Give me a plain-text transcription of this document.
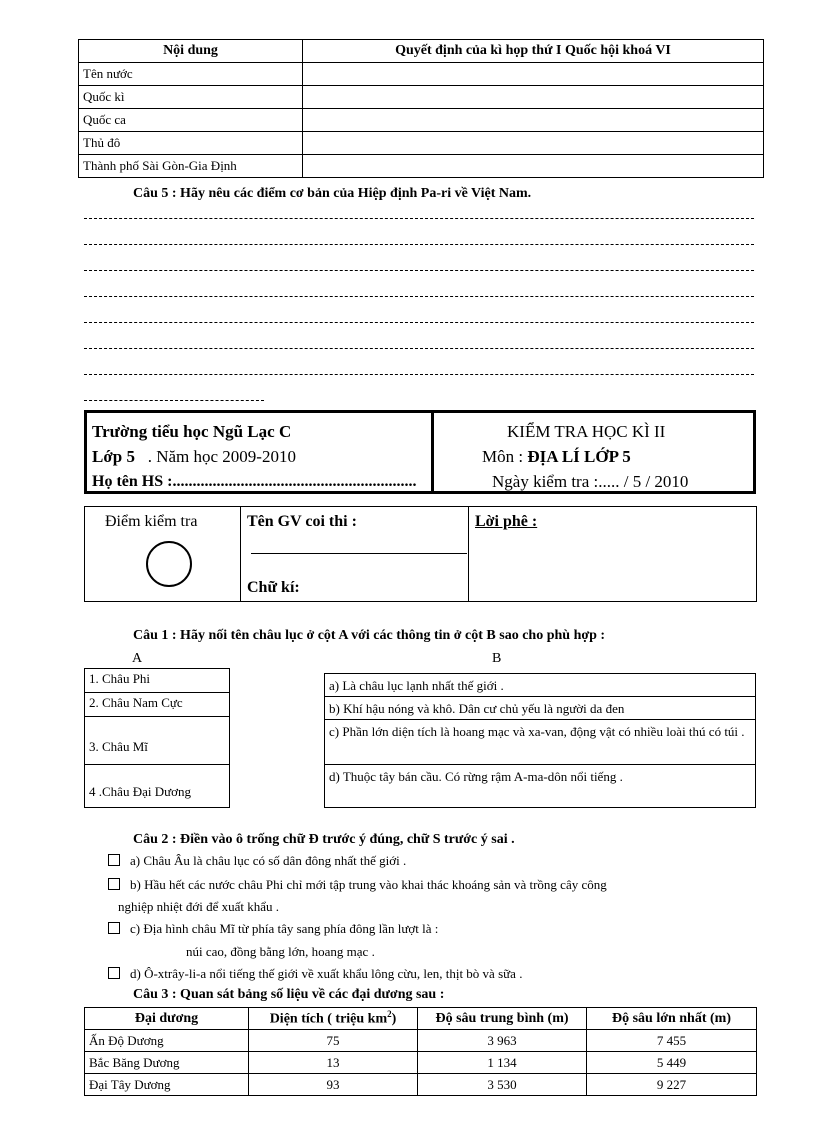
Nội dung	Quyết định của kì họp thứ I Quốc hội khoá VI
Tên nước	
Quốc kì	
Quốc ca	
Thủ đô	
Thành phố Sài Gòn-Gia Định	
Câu 5 : Hãy nêu các điểm cơ bản của Hiệp định Pa-ri về Việt Nam.
Trường tiểu học Ngũ Lạc C
Lớp 5   . Năm học 2009-2010
Họ tên HS :.............................................................
KIỂM TRA HỌC KÌ II
Môn : ĐỊA LÍ LỚP 5
Ngày kiểm tra :..... / 5 / 2010
Điểm kiểm tra	Tên GV coi thi :
Chữ kí:
Lời phê :
Câu 1 : Hãy nối tên châu lục ở cột A với các thông tin ở cột B sao cho phù hợp :
A	B
1. Châu Phi
2. Châu Nam Cực
3. Châu Mĩ
4 .Châu Đại Dương
a) Là châu lục lạnh nhất thế giới .
b) Khí hậu nóng và khô. Dân cư chủ yếu là người da đen
c) Phần lớn diện tích là hoang mạc và xa-van, động vật có nhiều loài thú có túi .
d) Thuộc tây bán cầu. Có rừng rậm A-ma-dôn nổi tiếng .
Câu 2 : Điền vào ô trống chữ Đ trước ý đúng, chữ S trước ý sai .
a) Châu Âu là châu lục có số dân đông nhất thế giới .
b) Hầu hết các nước châu Phi chỉ mới tập trung vào khai thác khoáng sản và trồng cây công
nghiệp nhiệt đới để xuất khẩu .
c) Địa hình châu Mĩ từ phía tây sang phía đông lần lượt là :
núi cao, đồng bằng lớn, hoang mạc .
d) Ô-xtrây-li-a nổi tiếng thế giới về xuất khẩu lông cừu, len, thịt bò và sữa .
Câu 3 : Quan sát bảng số liệu về các đại dương sau :
Đại dương	Diện tích ( triệu $km^2$)	Độ sâu trung bình (m)	Độ sâu lớn nhất (m)
Ấn Độ Dương	75	3 963	7 455
Bắc Băng Dương	13	1 134	5 449
Đại Tây Dương	93	3 530	9 227
